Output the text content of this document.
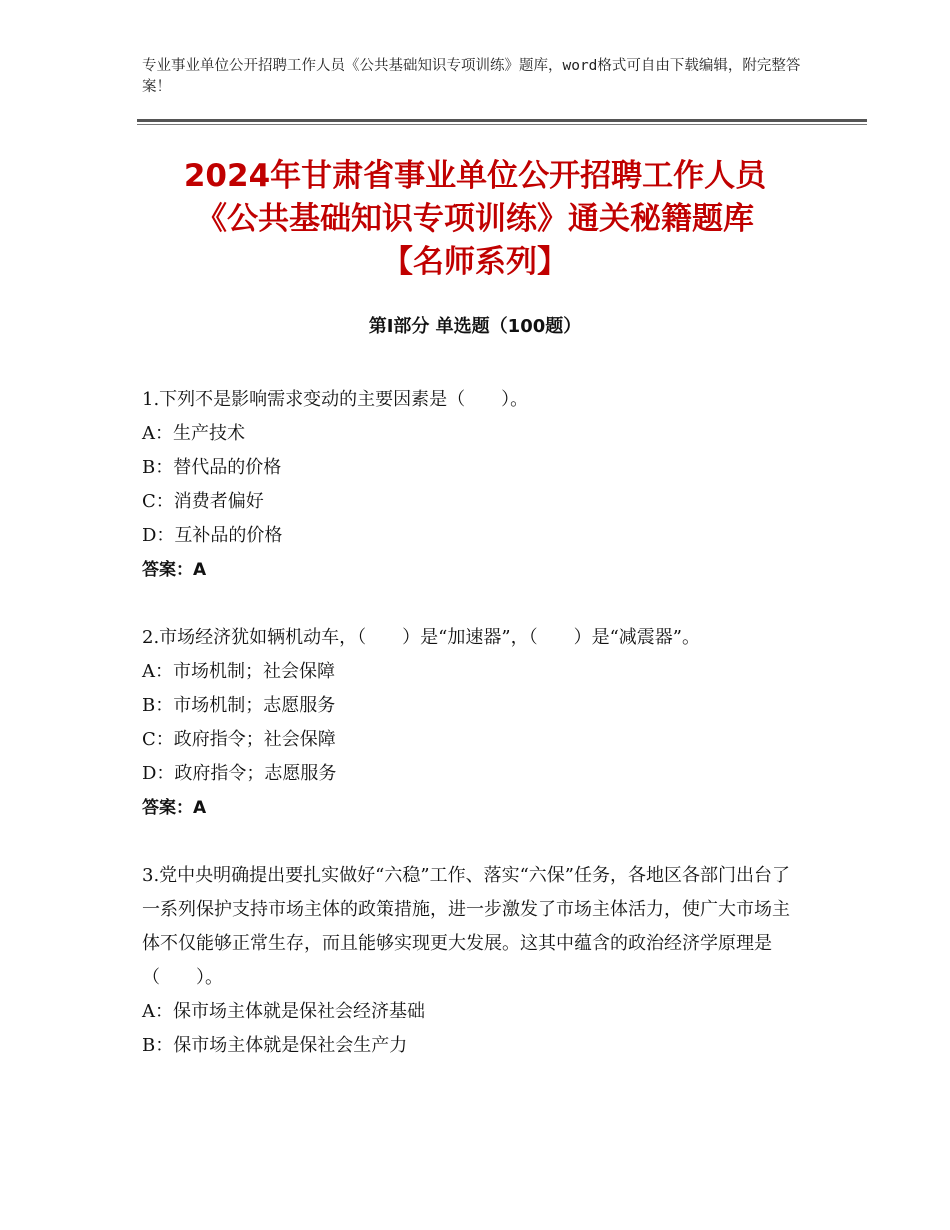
专业事业单位公开招聘工作人员《公共基础知识专项训练》题库，word格式可自由下载编辑，附完整答案！
2024年甘肃省事业单位公开招聘工作人员
《公共基础知识专项训练》通关秘籍题库
【名师系列】
第Ⅰ部分 单选题（100题）

1.下列不是影响需求变动的主要因素是（　　）。

A：生产技术

B：替代品的价格

C：消费者偏好

D：互补品的价格

答案：A

2.市场经济犹如辆机动车，（　　）是“加速器”，（　　）是“减震器”。

A：市场机制；社会保障

B：市场机制；志愿服务

C：政府指令；社会保障

D：政府指令；志愿服务

答案：A

3.党中央明确提出要扎实做好“六稳”工作、落实“六保”任务，各地区各部门出台了一系列保护支持市场主体的政策措施，进一步激发了市场主体活力，使广大市场主体不仅能够正常生存，而且能够实现更大发展。这其中蕴含的政治经济学原理是（　　）。

A：保市场主体就是保社会经济基础

B：保市场主体就是保社会生产力
